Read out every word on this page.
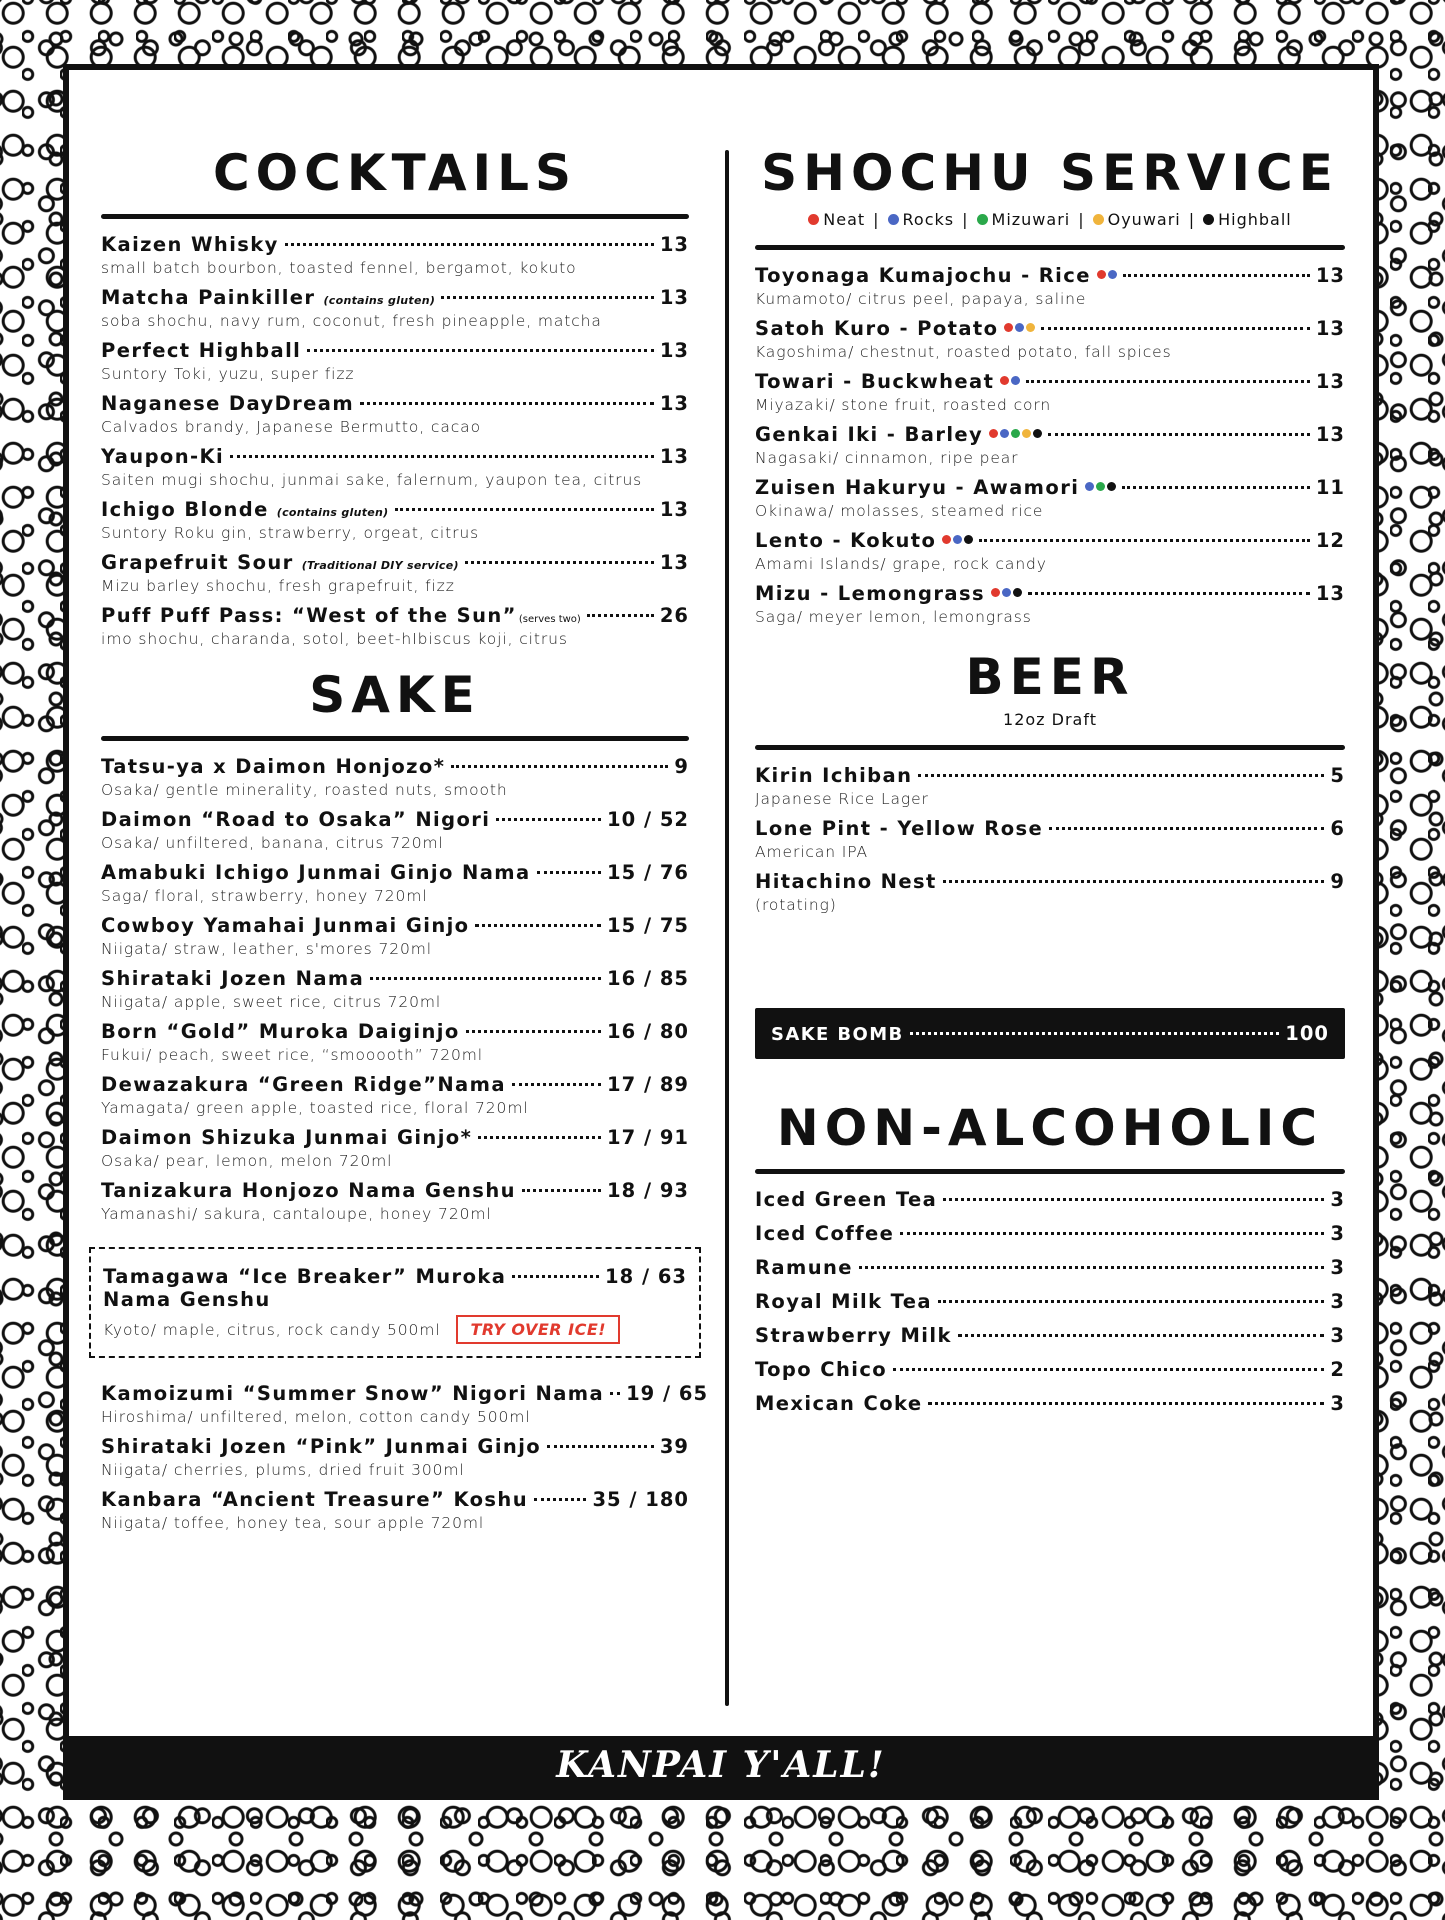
COCKTAILS
Kaizen Whisky	13
small batch bourbon, toasted fennel, bergamot, kokuto
Matcha Painkiller (contains gluten)	13
soba shochu, navy rum, coconut, fresh pineapple, matcha
Perfect Highball	13
Suntory Toki, yuzu, super fizz
Naganese DayDream	13
Calvados brandy, Japanese Bermutto, cacao
Yaupon-Ki	13
Saiten mugi shochu, junmai sake, falernum, yaupon tea, citrus
Ichigo Blonde (contains gluten)	13
Suntory Roku gin, strawberry, orgeat, citrus
Grapefruit Sour (Traditional DIY service)	13
Mizu barley shochu, fresh grapefruit, fizz
Puff Puff Pass: “West of the Sun” (serves two)	26
imo shochu, charanda, sotol, beet-hIbiscus koji, citrus
SAKE
Tatsu-ya x Daimon Honjozo*	9
Osaka/ gentle minerality, roasted nuts, smooth
Daimon “Road to Osaka” Nigori	10 / 52
Osaka/ unfiltered, banana, citrus 720ml
Amabuki Ichigo Junmai Ginjo Nama	15 / 76
Saga/ floral, strawberry, honey 720ml
Cowboy Yamahai Junmai Ginjo	15 / 75
Niigata/ straw, leather, s'mores 720ml
Shirataki Jozen Nama	16 / 85
Niigata/ apple, sweet rice, citrus 720ml
Born “Gold” Muroka Daiginjo	16 / 80
Fukui/ peach, sweet rice, “smooooth” 720ml
Dewazakura “Green Ridge”Nama	17 / 89
Yamagata/ green apple, toasted rice, floral 720ml
Daimon Shizuka Junmai Ginjo*	17 / 91
Osaka/ pear, lemon, melon 720ml
Tanizakura Honjozo Nama Genshu	18 / 93
Yamanashi/ sakura, cantaloupe, honey 720ml
Tamagawa “Ice Breaker” Muroka	18 / 63
Nama Genshu
Kyoto/ maple, citrus, rock candy 500ml	TRY OVER ICE!
Kamoizumi “Summer Snow” Nigori Nama 19 / 65
Hiroshima/ unfiltered, melon, cotton candy 500ml
Shirataki Jozen “Pink” Junmai Ginjo	39
Niigata/ cherries, plums, dried fruit 300ml
Kanbara “Ancient Treasure” Koshu	35 / 180
Niigata/ toffee, honey tea, sour apple 720ml
SHOCHU SERVICE
Neat | Rocks | Mizuwari | Oyuwari | Highball
Toyonaga Kumajochu - Rice	13
Kumamoto/ citrus peel, papaya, saline
Satoh Kuro - Potato	13
Kagoshima/ chestnut, roasted potato, fall spices
Towari - Buckwheat	13
Miyazaki/ stone fruit, roasted corn
Genkai Iki - Barley	13
Nagasaki/ cinnamon, ripe pear
Zuisen Hakuryu - Awamori	11
Okinawa/ molasses, steamed rice
Lento - Kokuto	12
Amami Islands/ grape, rock candy
Mizu - Lemongrass	13
Saga/ meyer lemon, lemongrass
BEER
12oz Draft
Kirin Ichiban	5
Japanese Rice Lager
Lone Pint - Yellow Rose	6
American IPA
Hitachino Nest	9
(rotating)
SAKE BOMB	100
NON-ALCOHOLIC
Iced Green Tea	3
Iced Coffee	3
Ramune	3
Royal Milk Tea	3
Strawberry Milk	3
Topo Chico	2
Mexican Coke	3
KANPAI Y'ALL!
